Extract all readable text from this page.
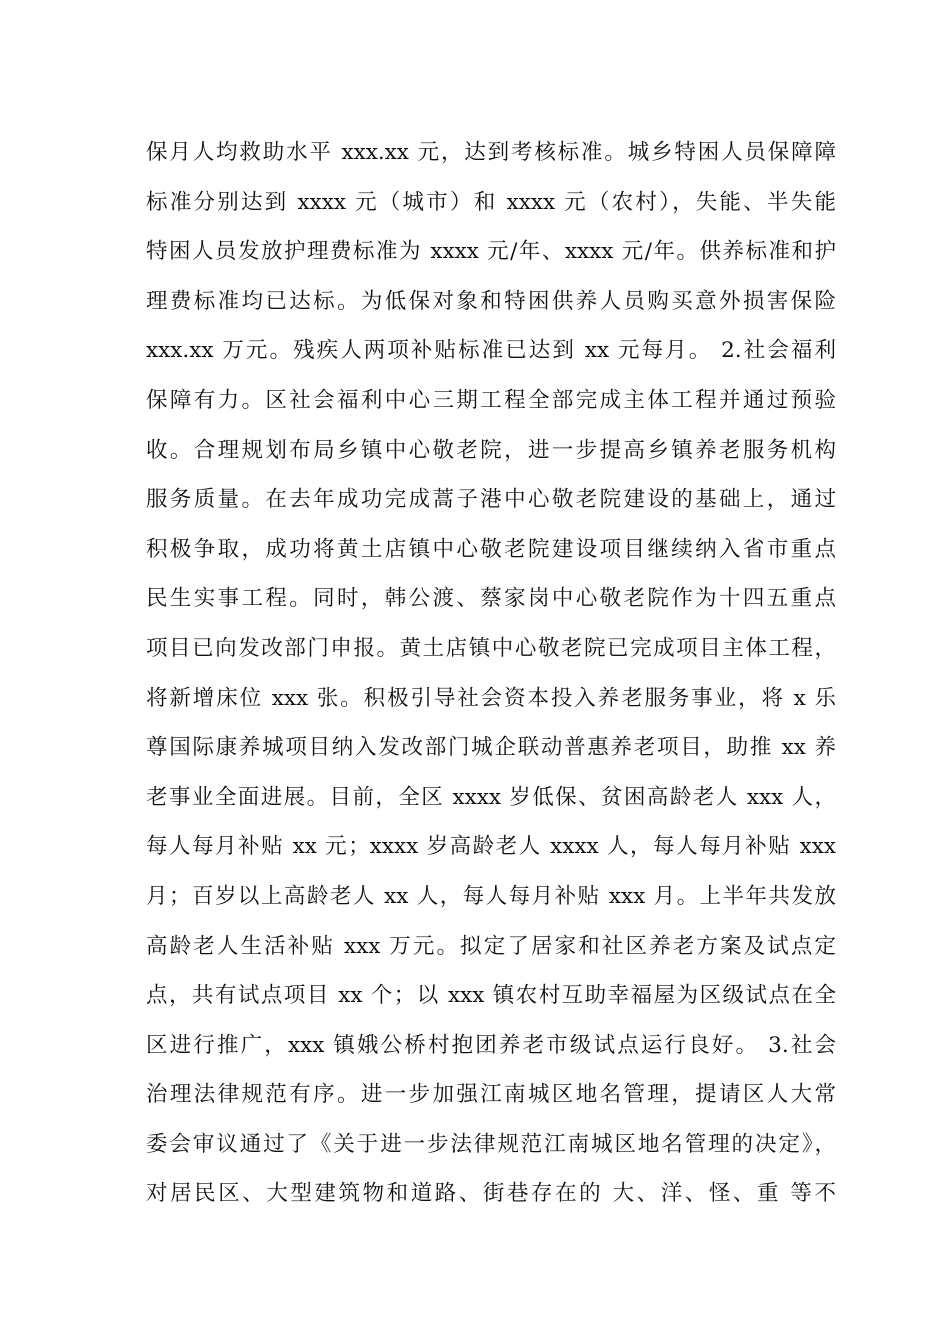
保月人均救助水平 xxx.xx 元，达到考核标准。城乡特困人员保障障
标准分别达到 xxxx 元（城市）和 xxxx 元（农村），失能、半失能
特困人员发放护理费标准为 xxxx 元/年、xxxx 元/年。供养标准和护
理费标准均已达标。为低保对象和特困供养人员购买意外损害保险
xxx.xx 万元。残疾人两项补贴标准已达到 xx 元每月。 2.社会福利
保障有力。区社会福利中心三期工程全部完成主体工程并通过预验
收。合理规划布局乡镇中心敬老院，进一步提高乡镇养老服务机构
服务质量。在去年成功完成蒿子港中心敬老院建设的基础上，通过
积极争取，成功将黄土店镇中心敬老院建设项目继续纳入省市重点
民生实事工程。同时，韩公渡、蔡家岗中心敬老院作为十四五重点
项目已向发改部门申报。黄土店镇中心敬老院已完成项目主体工程，
将新增床位 xxx 张。积极引导社会资本投入养老服务事业，将 x 乐
尊国际康养城项目纳入发改部门城企联动普惠养老项目，助推 xx 养
老事业全面进展。目前，全区 xxxx 岁低保、贫困高龄老人 xxx 人，
每人每月补贴 xx 元；xxxx 岁高龄老人 xxxx 人，每人每月补贴 xxx
月；百岁以上高龄老人 xx 人，每人每月补贴 xxx 月。上半年共发放
高龄老人生活补贴 xxx 万元。拟定了居家和社区养老方案及试点定
点，共有试点项目 xx 个；以 xxx 镇农村互助幸福屋为区级试点在全
区进行推广，xxx 镇娥公桥村抱团养老市级试点运行良好。 3.社会
治理法律规范有序。进一步加强江南城区地名管理，提请区人大常
委会审议通过了《关于进一步法律规范江南城区地名管理的决定》，
对居民区、大型建筑物和道路、街巷存在的 大、洋、怪、重 等不
